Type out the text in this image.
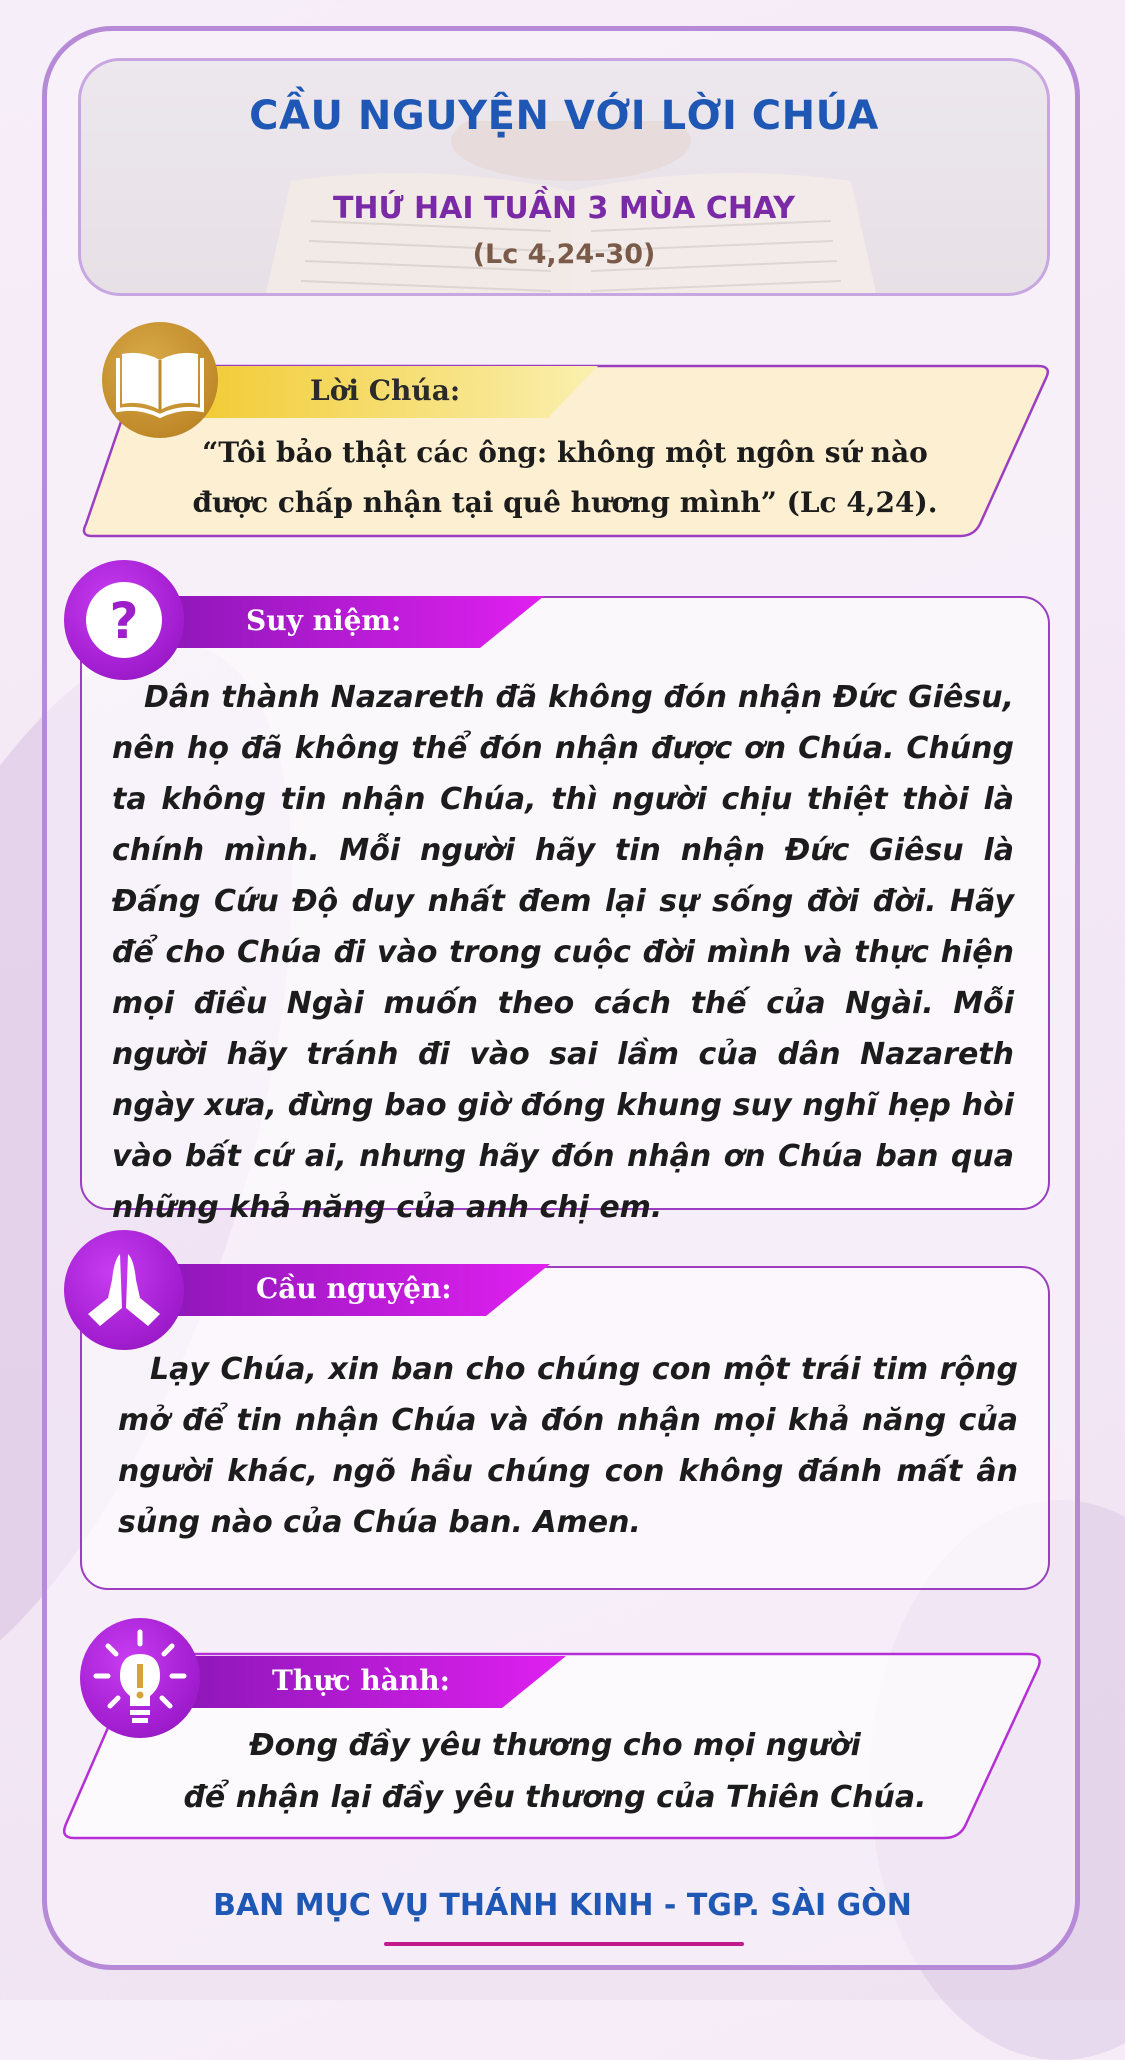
CẦU NGUYỆN VỚI LỜI CHÚA
THỨ HAI TUẦN 3 MÙA CHAY
(Lc 4,24-30)
Lời Chúa:
“Tôi bảo thật các ông: không một ngôn sứ nào
được chấp nhận tại quê hương mình” (Lc 4,24).
?	Suy niệm:

Dân thành Nazareth đã không đón nhận Đức Giêsu, nên họ đã không thể đón nhận được ơn Chúa. Chúng ta không tin nhận Chúa, thì người chịu thiệt thòi là chính mình. Mỗi người hãy tin nhận Đức Giêsu là Đấng Cứu Độ duy nhất đem lại sự sống đời đời. Hãy để cho Chúa đi vào trong cuộc đời mình và thực hiện mọi điều Ngài muốn theo cách thế của Ngài. Mỗi người hãy tránh đi vào sai lầm của dân Nazareth ngày xưa, đừng bao giờ đóng khung suy nghĩ hẹp hòi vào bất cứ ai, nhưng hãy đón nhận ơn Chúa ban qua những khả năng của anh chị em.

Cầu nguyện:

Lạy Chúa, xin ban cho chúng con một trái tim rộng mở để tin nhận Chúa và đón nhận mọi khả năng của người khác, ngõ hầu chúng con không đánh mất ân sủng nào của Chúa ban. Amen.

Thực hành:
Đong đầy yêu thương cho mọi người
để nhận lại đầy yêu thương của Thiên Chúa.
BAN MỤC VỤ THÁNH KINH - TGP. SÀI GÒN
